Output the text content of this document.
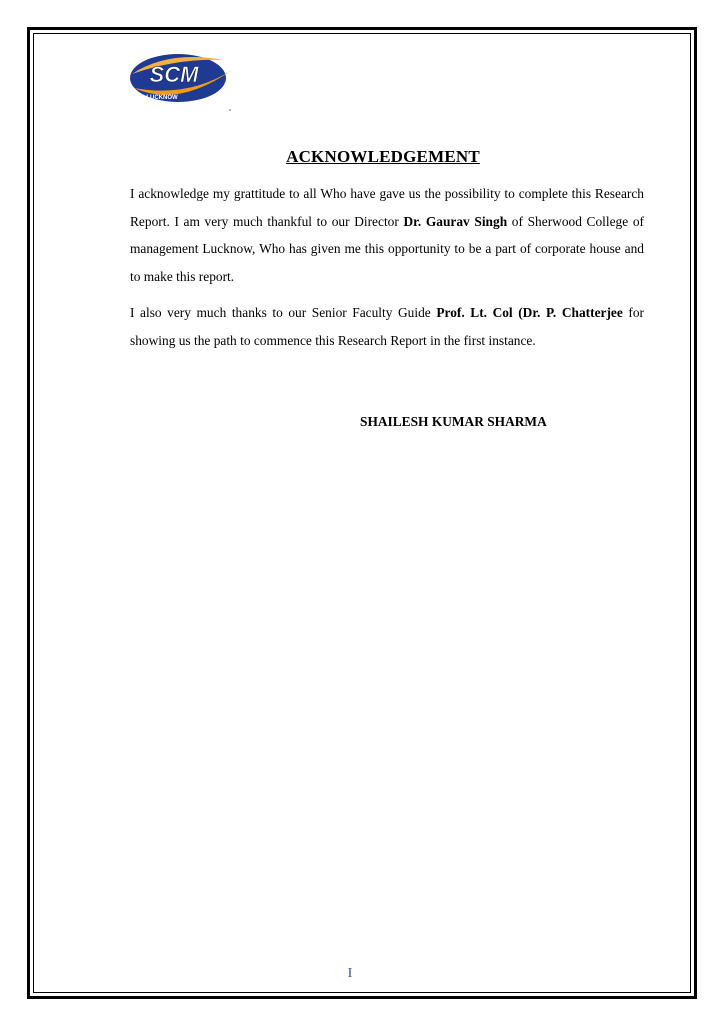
SCM
LUCKNOW
ACKNOWLEDGEMENT

I acknowledge my grattitude to all Who have gave us the possibility to complete this Research Report. I am very much thankful to our Director Dr. Gaurav Singh of Sherwood College of management Lucknow, Who has given me this opportunity to be a part of corporate house and to make this report.

I also very much thanks to our Senior Faculty Guide Prof. Lt. Col (Dr. P. Chatterjee for showing us the path to commence this Research Report in the first instance.

SHAILESH KUMAR SHARMA
I
